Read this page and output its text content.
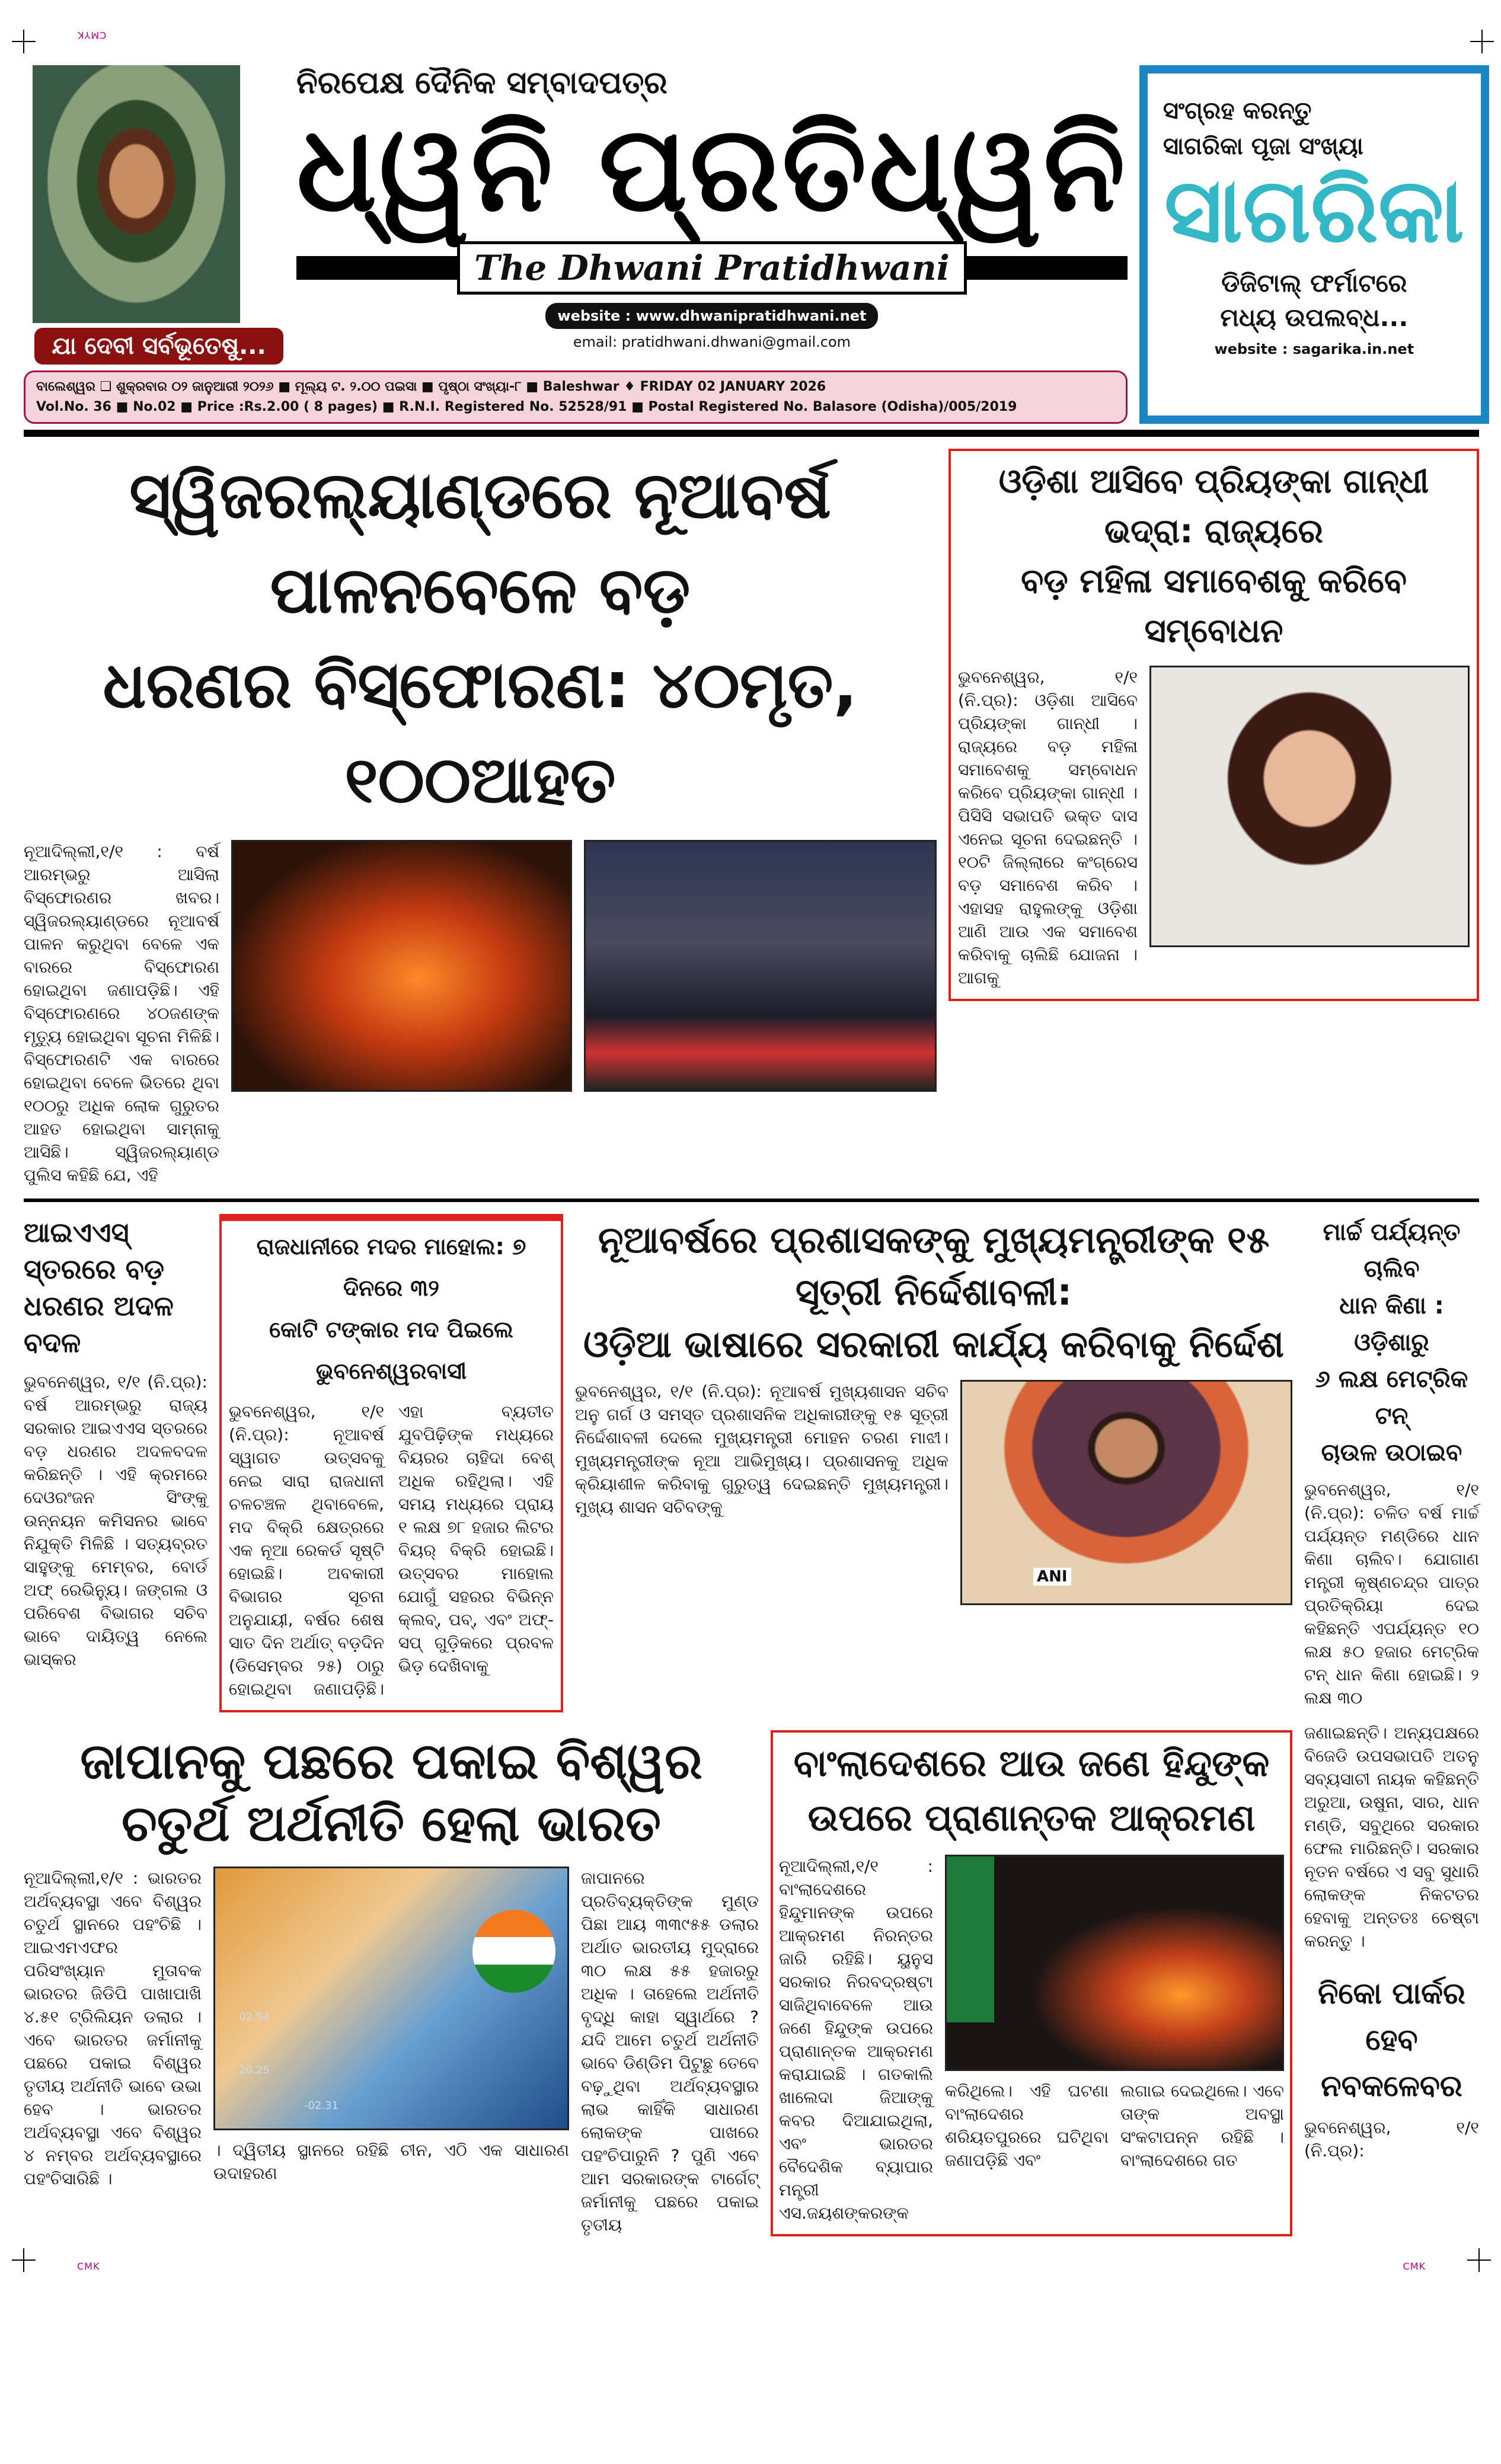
CMYK
ଯା ଦେବୀ ସର୍ବଭୂତେଷୁ...
ନିରପେକ୍ଷ ଦୈନିକ ସମ୍ବାଦପତ୍ର
ଧ୍ୱନି ପ୍ରତିଧ୍ୱନି
The Dhwani Pratidhwani
website : www.dhwanipratidhwani.net
email: pratidhwani.dhwani@gmail.com
ସଂଗ୍ରହ କରନ୍ତୁ
ସାଗରିକା ପୂଜା ସଂଖ୍ୟା
ସାଗରିକା
ଡିଜିଟାଲ୍ ଫର୍ମାଟରେ
ମଧ୍ୟ ଉପଲବ୍ଧ...
website : sagarika.in.net
ବାଲେଶ୍ୱର ❑ ଶୁକ୍ରବାର ୦୨ ଜାନୁଆରୀ ୨୦୨୬ ■ ମୂଲ୍ୟ ଟ. ୨.୦୦ ପଇସା ■ ପୃଷ୍ଠା ସଂଖ୍ୟା-୮ ■ Baleshwar ♦ FRIDAY 02 JANUARY 2026
Vol.No. 36 ■ No.02 ■ Price :Rs.2.00 ( 8 pages) ■ R.N.I. Registered No. 52528/91 ■ Postal Registered No. Balasore (Odisha)/005/2019
ସ୍ୱିଜରଲ୍ୟାଣ୍ଡରେ ନୂଆବର୍ଷ ପାଳନବେଳେ ବଡ଼
ଧରଣର ବିସ୍ଫୋରଣ: ୪୦ମୃତ, ୧୦୦ଆହତ
ନୂଆଦିଲ୍ଲୀ,୧/୧ : ବର୍ଷ ଆରମ୍ଭରୁ ଆସିଲା ବିସ୍ଫୋରଣର ଖବର। ସ୍ୱିଜରଲ୍ୟାଣ୍ଡରେ ନୂଆବର୍ଷ ପାଳନ କରୁଥିବା ବେଳେ ଏକ ବାରରେ ବିସ୍ଫୋରଣ ହୋଇଥିବା ଜଣାପଡ଼ିଛି। ଏହି ବିସ୍ଫୋରଣରେ ୪୦ଜଣଙ୍କ ମୃତ୍ୟୁ ହୋଇଥିବା ସୂଚନା ମିଳିଛି। ବିସ୍ଫୋରଣଟି ଏକ ବାରରେ ହୋଇଥିବା ବେଳେ ଭିତରେ ଥିବା ୧୦୦ରୁ ଅଧିକ ଲୋକ ଗୁରୁତର ଆହତ ହୋଇଥିବା ସାମ୍ନାକୁ ଆସିଛି। ସ୍ୱିଜରଲ୍ୟାଣ୍ଡ ପୁଲିସ କହିଛି ଯେ, ଏହି
ଓଡ଼ିଶା ଆସିବେ ପ୍ରିୟଙ୍କା ଗାନ୍ଧୀ ଭଦ୍ରା: ରାଜ୍ୟରେ
ବଡ଼ ମହିଳା ସମାବେଶକୁ କରିବେ ସମ୍ବୋଧନ
ଭୁବନେଶ୍ୱର, ୧/୧ (ନି.ପ୍ର): ଓଡ଼ିଶା ଆସିବେ ପ୍ରିୟଙ୍କା ଗାନ୍ଧୀ । ରାଜ୍ୟରେ ବଡ଼ ମହିଳା ସମାବେଶକୁ ସମ୍ବୋଧନ କରିବେ ପ୍ରିୟଙ୍କା ଗାନ୍ଧୀ । ପିସିସି ସଭାପତି ଭକ୍ତ ଦାସ ଏନେଇ ସୂଚନା ଦେଇଛନ୍ତି । ୧୦ଟି ଜିଲ୍ଲାରେ କଂଗ୍ରେସ ବଡ଼ ସମାବେଶ କରିବ । ଏହାସହ ରାହୁଲଙ୍କୁ ଓଡ଼ିଶା ଆଣି ଆଉ ଏକ ସମାବେଶ କରିବାକୁ ଚାଲିଛି ଯୋଜନା । ଆଗକୁ
ଆଇଏଏସ୍ ସ୍ତରରେ ବଡ଼ ଧରଣର ଅଦଳ ବଦଳ
ଭୁବନେଶ୍ୱର, ୧/୧ (ନି.ପ୍ର): ବର୍ଷ ଆରମ୍ଭରୁ ରାଜ୍ୟ ସରକାର ଆଇଏଏସ ସ୍ତରରେ ବଡ଼ ଧରଣର ଅଦଳବଦଳ କରିଛନ୍ତି । ଏହି କ୍ରମରେ ଦେଓରଂଜନ ସିଂଙ୍କୁ ଉନ୍ନୟନ କମିସନର ଭାବେ ନିଯୁକ୍ତି ମିଳିଛି । ସତ୍ୟବ୍ରତ ସାହୁଙ୍କୁ ମେମ୍ବର, ବୋର୍ଡ ଅଫ୍ ରେଭିନ୍ୟୁ। ଜଙ୍ଗଲ ଓ ପରିବେଶ ବିଭାଗର ସଚିବ ଭାବେ ଦାୟିତ୍ୱ ନେଲେ ଭାସ୍କର
ରାଜଧାନୀରେ ମଦର ମାହୋଲ: ୭ ଦିନରେ ୩୨
କୋଟି ଟଙ୍କାର ମଦ ପିଇଲେ ଭୁବନେଶ୍ୱରବାସୀ
ଭୁବନେଶ୍ୱର, ୧/୧ (ନି.ପ୍ର): ନୂଆବର୍ଷ ସ୍ୱାଗତ ଉତ୍ସବକୁ ନେଇ ସାରା ରାଜଧାନୀ ଚଳଚଞ୍ଚଳ ଥିବାବେଳେ, ମଦ ବିକ୍ରି କ୍ଷେତ୍ରରେ ଏକ ନୂଆ ରେକର୍ଡ ସୃଷ୍ଟି ହୋଇଛି। ଅବକାରୀ ବିଭାଗର ସୂଚନା ଅନୁଯାୟୀ, ବର୍ଷର ଶେଷ ସାତ ଦିନ ଅର୍ଥାତ୍ ବଡ଼ଦିନ (ଡିସେମ୍ବର ୨୫) ଠାରୁ ହୋଇଥିବା ଜଣାପଡ଼ିଛି।ଏହା ବ୍ୟତୀତ ଯୁବପିଢ଼ିଙ୍କ ମଧ୍ୟରେ ବିୟରର ଚାହିଦା ବେଶ୍ ଅଧିକ ରହିଥିଲା। ଏହି ସମୟ ମଧ୍ୟରେ ପ୍ରାୟ ୧ ଲକ୍ଷ ୭୮ ହଜାର ଲିଟର ବିୟର୍ ବିକ୍ରି ହୋଇଛି। ଉତ୍ସବର ମାହୋଲ ଯୋଗୁଁ ସହରର ବିଭିନ୍ନ କ୍ଲବ୍, ପବ୍, ଏବଂ ଅଫ୍-ସପ୍ ଗୁଡ଼ିକରେ ପ୍ରବଳ ଭିଡ଼ ଦେଖିବାକୁ
ନୂଆବର୍ଷରେ ପ୍ରଶାସକଙ୍କୁ ମୁଖ୍ୟମନ୍ତ୍ରୀଙ୍କ ୧୫ ସୂତ୍ରୀ ନିର୍ଦ୍ଦେଶାବଳୀ:
ଓଡ଼ିଆ ଭାଷାରେ ସରକାରୀ କାର୍ଯ୍ୟ କରିବାକୁ ନିର୍ଦ୍ଦେଶ
ଭୁବନେଶ୍ୱର, ୧/୧ (ନି.ପ୍ର): ନୂଆବର୍ଷ ମୁଖ୍ୟଶାସନ ସଚିବ ଅନୁ ଗର୍ଗ ଓ ସମସ୍ତ ପ୍ରଶାସନିକ ଅଧିକାରୀଙ୍କୁ ୧୫ ସୂତ୍ରୀ ନିର୍ଦ୍ଦେଶାବଳୀ ଦେଲେ ମୁଖ୍ୟମନ୍ତ୍ରୀ ମୋହନ ଚରଣ ମାଝୀ। ମୁଖ୍ୟମନ୍ତ୍ରୀଙ୍କ ନୂଆ ଆଭିମୁଖ୍ୟ। ପ୍ରଶାସନକୁ ଅଧିକ କ୍ରିୟାଶୀଳ କରିବାକୁ ଗୁରୁତ୍ୱ ଦେଇଛନ୍ତି ମୁଖ୍ୟମନ୍ତ୍ରୀ। ମୁଖ୍ୟ ଶାସନ ସଚିବଙ୍କୁ
ANI
ଜାପାନକୁ ପଛରେ ପକାଇ ବିଶ୍ୱର
ଚତୁର୍ଥ ଅର୍ଥନୀତି ହେଲା ଭାରତ
ନୂଆଦିଲ୍ଲୀ,୧/୧ : ଭାରତର ଅର୍ଥବ୍ୟବସ୍ଥା ଏବେ ବିଶ୍ୱର ଚତୁର୍ଥ ସ୍ଥାନରେ ପହଂଚିଛି । ଆଇଏମଏଫର ପରିସଂଖ୍ୟାନ ମୁତାବକ ଭାରତର ଜିଡିପି ପାଖାପାଖି ୪.୫୧ ଟ୍ରିଲିୟନ ଡଲାର । ଏବେ ଭାରତର ଜର୍ମାନୀକୁ ପଛରେ ପକାଇ ବିଶ୍ୱର ତୃତୀୟ ଅର୍ଥନୀତି ଭାବେ ଉଭା ହେବ । ଭାରତର ଅର୍ଥବ୍ୟବସ୍ଥା ଏବେ ବିଶ୍ୱର ୪ ନମ୍ବର ଅର୍ଥବ୍ୟବସ୍ଥାରେ ପହଂଚିସାରିଛି ।
02.54
20.25
-02.31
। ଦ୍ୱିତୀୟ ସ୍ଥାନରେ ରହିଛି ଚୀନ, ଏଠି ଏକ ସାଧାରଣ ଉଦାହରଣ
ଜାପାନରେ ପ୍ରତିବ୍ୟକ୍ତିଙ୍କ ମୁଣ୍ଡ ପିଛା ଆୟ ୩୩୯୫୫ ଡଲାର ଅର୍ଥାତ ଭାରତୀୟ ମୁଦ୍ରାରେ ୩୦ ଲକ୍ଷ ୫୫ ହଜାରରୁ ଅଧିକ । ତାହେଲେ ଅର୍ଥନୀତି ବୃଦ୍ଧି କାହା ସ୍ୱାର୍ଥରେ ? ଯଦି ଆମେ ଚତୁର୍ଥ ଅର୍ଥନୀତି ଭାବେ ଡିଣ୍ଡିମ ପିଟୁଛୁ ତେବେ ବଢ଼ୁଥିବା ଅର୍ଥବ୍ୟବସ୍ଥାର ଲାଭ କାହିଁକି ସାଧାରଣ ଲୋକଙ୍କ ପାଖରେ ପହଂଚିପାରୁନି ? ପୁଣି ଏବେ ଆମ ସରକାରଙ୍କ ଟାର୍ଗେଟ୍ ଜର୍ମାନୀକୁ ପଛରେ ପକାଇ ତୃତୀୟ
ବାଂଲାଦେଶରେ ଆଉ ଜଣେ ହିନ୍ଦୁଙ୍କ
ଉପରେ ପ୍ରାଣାନ୍ତକ ଆକ୍ରମଣ
ନୂଆଦିଲ୍ଲୀ,୧/୧ : ବାଂଲାଦେଶରେ ହିନ୍ଦୁମାନଙ୍କ ଉପରେ ଆକ୍ରମଣ ନିରନ୍ତର ଜାରି ରହିଛି। ୟୁନୁସ ସରକାର ନିରବଦ୍ରଷ୍ଟା ସାଜିଥିବାବେଳେ ଆଉ ଜଣେ ହିନ୍ଦୁଙ୍କ ଉପରେ ପ୍ରାଣାନ୍ତକ ଆକ୍ରମଣ କରାଯାଇଛି । ଗତକାଲି ଖାଲେଦା ଜିଆଙ୍କୁ କବର ଦିଆଯାଇଥିଲା, ଏବଂ ଭାରତର ବୈଦେଶିକ ବ୍ୟାପାର ମନ୍ତ୍ରୀ ଏସ.ଜୟଶଙ୍କରଙ୍କ
କରିଥିଲେ। ଏହି ଘଟଣା ବାଂଲାଦେଶର ଶରିୟତପୁରରେ ଘଟିଥିବା ଜଣାପଡ଼ିଛି ଏବଂ
ଲଗାଇ ଦେଇଥିଲେ। ଏବେ ତାଙ୍କ ଅବସ୍ଥା ସଂକଟାପନ୍ନ ରହିଛି । ବାଂଲାଦେଶରେ ଗତ
ମାର୍ଚ୍ଚ ପର୍ଯ୍ୟନ୍ତ ଚାଲିବ
ଧାନ କିଣା : ଓଡ଼ିଶାରୁ
୬ ଲକ୍ଷ ମେଟ୍ରିକ ଟନ୍
ଚାଉଳ ଉଠାଇବ
ଭୁବନେଶ୍ୱର, ୧/୧ (ନି.ପ୍ର): ଚଳିତ ବର୍ଷ ମାର୍ଚ୍ଚ ପର୍ଯ୍ୟନ୍ତ ମଣ୍ଡିରେ ଧାନ କିଣା ଚାଲିବ। ଯୋଗାଣ ମନ୍ତ୍ରୀ କୃଷ୍ଣଚନ୍ଦ୍ର ପାତ୍ର ପ୍ରତିକ୍ରିୟା ଦେଇ କହିଛନ୍ତି ଏପର୍ଯ୍ୟନ୍ତ ୧୦ ଲକ୍ଷ ୫୦ ହଜାର ମେଟ୍ରିକ ଟନ୍ ଧାନ କିଣା ହୋଇଛି। ୨ ଲକ୍ଷ ୩୦
ଜଣାଇଛନ୍ତି। ଅନ୍ୟପକ୍ଷରେ ବିଜେଡି ଉପସଭାପତି ଅତନୁ ସବ୍ୟସାଚୀ ନାୟକ କହିଛନ୍ତି ଅରୁଆ, ଉଷୁନା, ସାର, ଧାନ ମଣ୍ଡି, ସବୁଥିରେ ସରକାର ଫେଲ ମାରିଛନ୍ତି। ସରକାର ନୂତନ ବର୍ଷରେ ଏ ସବୁ ସୁଧାରି ଲୋକଙ୍କ ନିକଟତର ହେବାକୁ ଅନ୍ତତଃ ଚେଷ୍ଟା କରନ୍ତୁ ।
ନିକୋ ପାର୍କର ହେବ
ନବକଳେବର
ଭୁବନେଶ୍ୱର, ୧/୧ (ନି.ପ୍ର):
CMK	CMK
